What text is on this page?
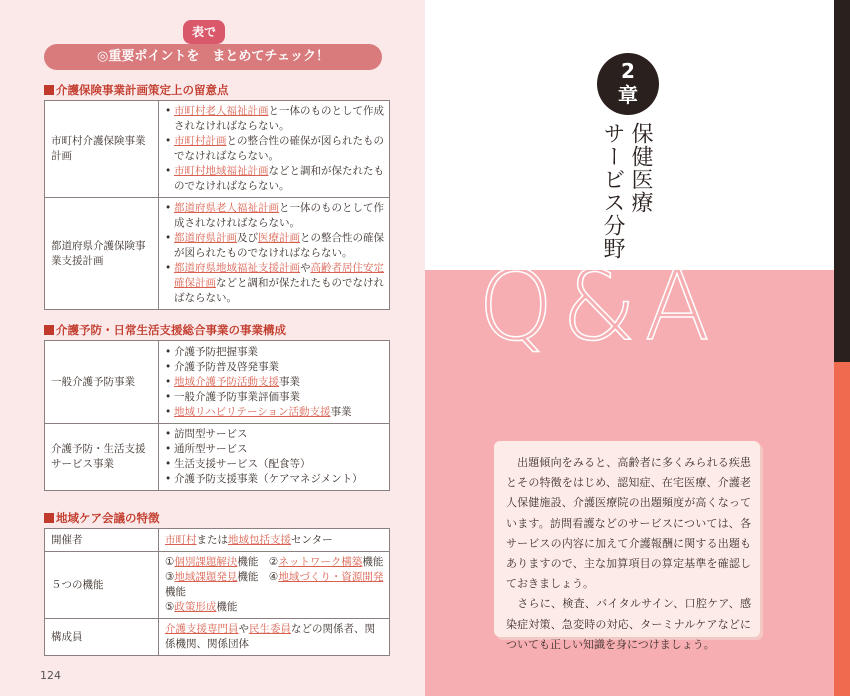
表で
◎重要ポイントを　まとめてチェック！
介護保険事業計画策定上の留意点
市町村介護保険事業計画	• 市町村老人福祉計画と一体のものとして作成されなければならない。
• 市町村計画との整合性の確保が図られたものでなければならない。
• 市町村地域福祉計画などと調和が保たれたものでなければならない。

都道府県介護保険事業支援計画	• 都道府県老人福祉計画と一体のものとして作成されなければならない。
• 都道府県計画及び医療計画との整合性の確保が図られたものでなければならない。
• 都道府県地域福祉支援計画や高齢者居住安定確保計画などと調和が保たれたものでなければならない。
介護予防・日常生活支援総合事業の事業構成
一般介護予防事業	• 介護予防把握事業
• 介護予防普及啓発事業
• 地域介護予防活動支援事業
• 一般介護予防事業評価事業
• 地域リハビリテーション活動支援事業

介護予防・生活支援サービス事業	• 訪問型サービス
• 通所型サービス
• 生活支援サービス（配食等）
• 介護予防支援事業（ケアマネジメント）
地域ケア会議の特徴
開催者	市町村または地域包括支援センター
５つの機能	①個別課題解決機能　 ②ネットワーク構築機能
③地域課題発見機能　 ④地域づくり・資源開発機能
⑤政策形成機能

構成員	介護支援専門員や民生委員などの関係者、関係機関、関係団体
124
2
章
保健医療
サービス分野
Q&A

　出題傾向をみると、高齢者に多くみられる疾患とその特徴をはじめ、認知症、在宅医療、介護老人保健施設、介護医療院の出題頻度が高くなっています。訪問看護などのサービスについては、各サービスの内容に加えて介護報酬に関する出題もありますので、主な加算項目の算定基準を確認しておきましょう。
　さらに、検査、バイタルサイン、口腔ケア、感染症対策、急変時の対応、ターミナルケアなどについても正しい知識を身につけましょう。
